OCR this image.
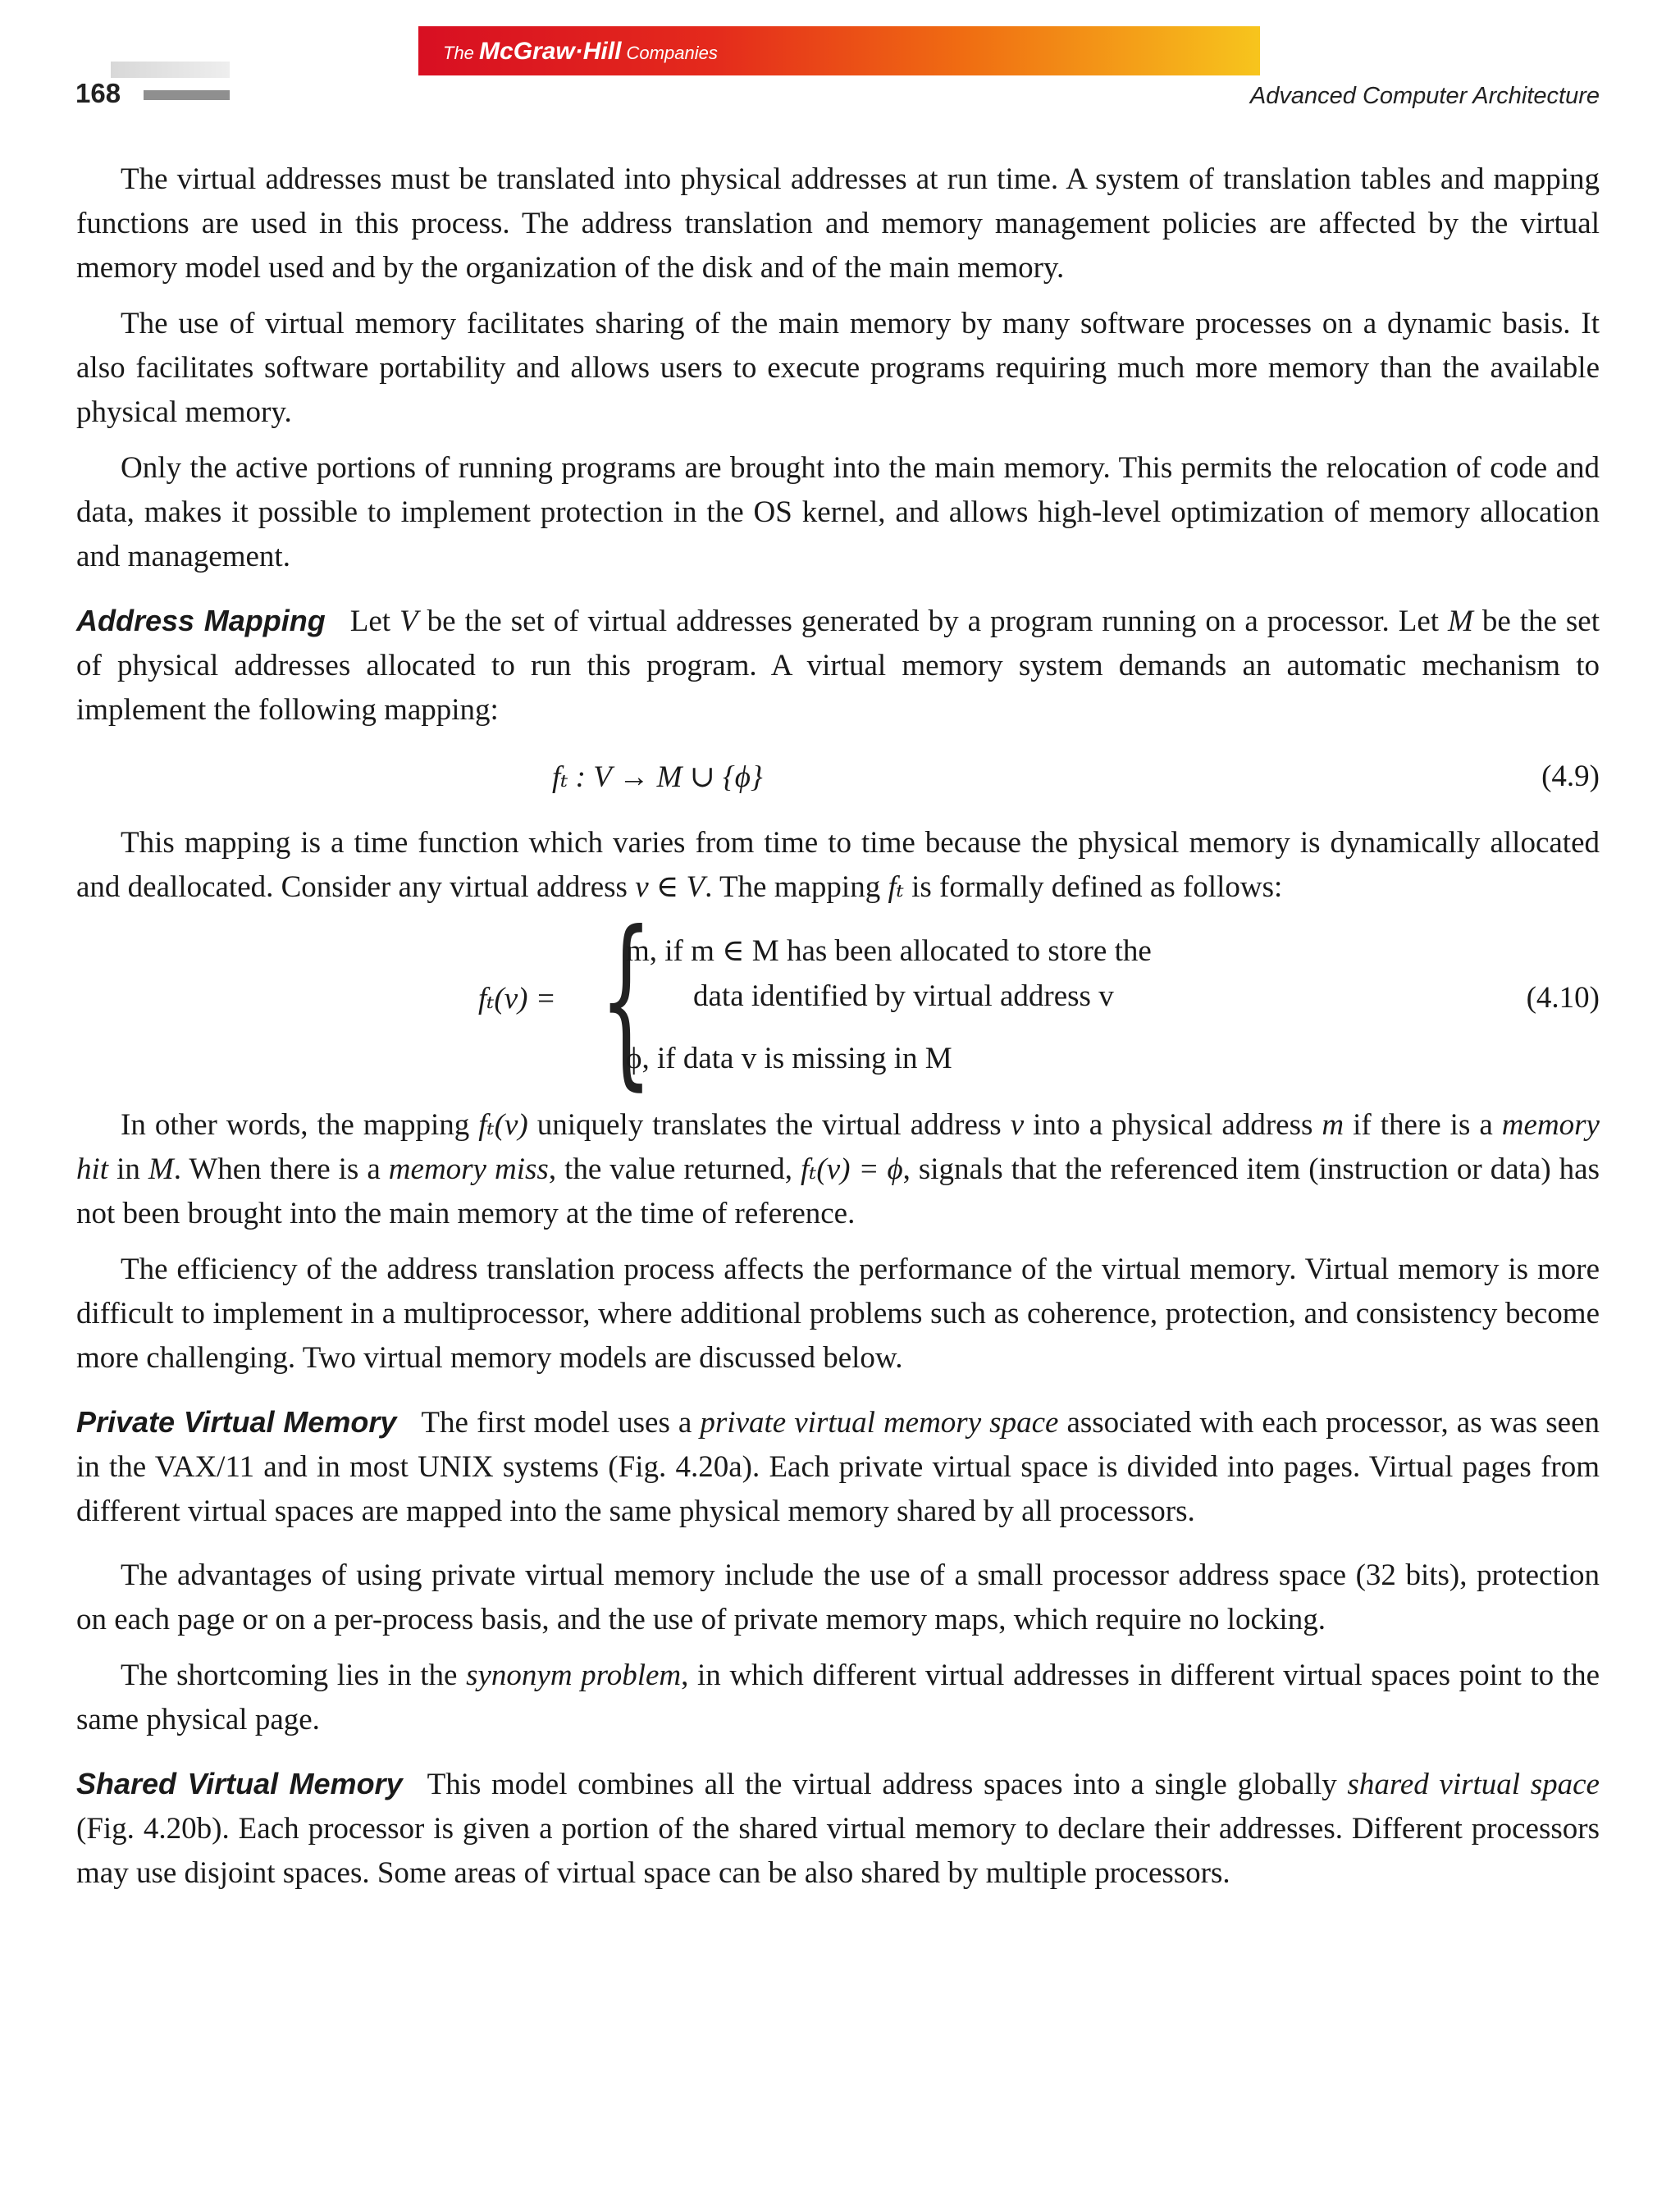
The McGraw·Hill Companies
168	Advanced Computer Architecture

The virtual addresses must be translated into physical addresses at run time. A system of translation tables and mapping functions are used in this process. The address translation and memory management policies are affected by the virtual memory model used and by the organization of the disk and of the main memory.

The use of virtual memory facilitates sharing of the main memory by many software processes on a dynamic basis. It also facilitates software portability and allows users to execute programs requiring much more memory than the available physical memory.

Only the active portions of running programs are brought into the main memory. This permits the relocation of code and data, makes it possible to implement protection in the OS kernel, and allows high-level optimization of memory allocation and management.

Address Mapping Let V be the set of virtual addresses generated by a program running on a processor. Let M be the set of physical addresses allocated to run this program. A virtual memory system demands an automatic mechanism to implement the following mapping:

fₜ : V → M ∪ {ϕ}	(4.9)

This mapping is a time function which varies from time to time because the physical memory is dynamically allocated and deallocated. Consider any virtual address v ∈ V. The mapping fₜ is formally defined as follows:

fₜ(v) = {
m, if m ∈ M has been allocated to store the
data identified by virtual address v
ϕ, if data v is missing in M
(4.10)

In other words, the mapping fₜ(v) uniquely translates the virtual address v into a physical address m if there is a memory hit in M. When there is a memory miss, the value returned, fₜ(v) = ϕ, signals that the referenced item (instruction or data) has not been brought into the main memory at the time of reference.

The efficiency of the address translation process affects the performance of the virtual memory. Virtual memory is more difficult to implement in a multiprocessor, where additional problems such as coherence, protection, and consistency become more challenging. Two virtual memory models are discussed below.

Private Virtual Memory The first model uses a private virtual memory space associated with each processor, as was seen in the VAX/11 and in most UNIX systems (Fig. 4.20a). Each private virtual space is divided into pages. Virtual pages from different virtual spaces are mapped into the same physical memory shared by all processors.

The advantages of using private virtual memory include the use of a small processor address space (32 bits), protection on each page or on a per-process basis, and the use of private memory maps, which require no locking.

The shortcoming lies in the synonym problem, in which different virtual addresses in different virtual spaces point to the same physical page.

Shared Virtual Memory This model combines all the virtual address spaces into a single globally shared virtual space (Fig. 4.20b). Each processor is given a portion of the shared virtual memory to declare their addresses. Different processors may use disjoint spaces. Some areas of virtual space can be also shared by multiple processors.
